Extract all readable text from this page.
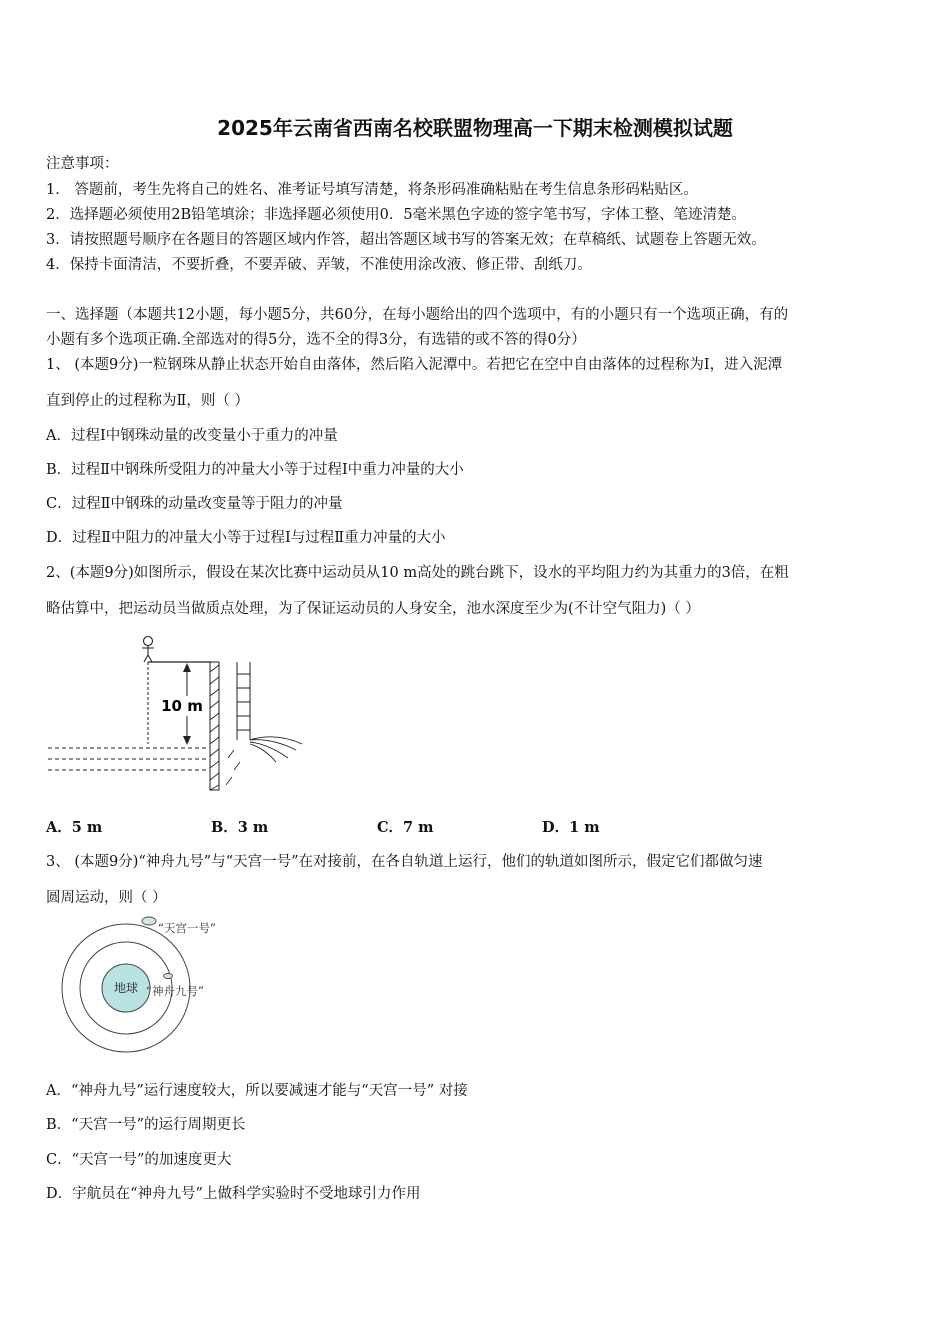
2025年云南省西南名校联盟物理高一下期末检测模拟试题
注意事项：
1． 答题前，考生先将自己的姓名、准考证号填写清楚，将条形码准确粘贴在考生信息条形码粘贴区。
2．选择题必须使用2B铅笔填涂；非选择题必须使用0．5毫米黑色字迹的签字笔书写，字体工整、笔迹清楚。
3．请按照题号顺序在各题目的答题区域内作答，超出答题区域书写的答案无效；在草稿纸、试题卷上答题无效。
4．保持卡面清洁，不要折叠，不要弄破、弄皱，不准使用涂改液、修正带、刮纸刀。
一、选择题（本题共12小题，每小题5分，共60分，在每小题给出的四个选项中，有的小题只有一个选项正确，有的
小题有多个选项正确.全部选对的得5分，选不全的得3分，有选错的或不答的得0分）
1、 (本题9分)一粒钢珠从静止状态开始自由落体，然后陷入泥潭中。若把它在空中自由落体的过程称为Ⅰ，进入泥潭
直到停止的过程称为Ⅱ，则（ ）
A．过程Ⅰ中钢珠动量的改变量小于重力的冲量
B．过程Ⅱ中钢珠所受阻力的冲量大小等于过程Ⅰ中重力冲量的大小
C．过程Ⅱ中钢珠的动量改变量等于阻力的冲量
D．过程Ⅱ中阻力的冲量大小等于过程Ⅰ与过程Ⅱ重力冲量的大小
2、(本题9分)如图所示，假设在某次比赛中运动员从10 m高处的跳台跳下，设水的平均阻力约为其重力的3倍，在粗
略估算中，把运动员当做质点处理，为了保证运动员的人身安全，池水深度至少为(不计空气阻力)（ ）
10 m
A．5 m	B．3 m	C．7 m	D．1 m
3、 (本题9分)“神舟九号”与“天宫一号”在对接前，在各自轨道上运行，他们的轨道如图所示，假定它们都做匀速
圆周运动，则（ ）
地球
“天宫一号”
“神舟九号”
A．“神舟九号”运行速度较大，所以要减速才能与“天宫一号” 对接
B．“天宫一号”的运行周期更长
C．“天宫一号”的加速度更大
D．宇航员在“神舟九号”上做科学实验时不受地球引力作用
